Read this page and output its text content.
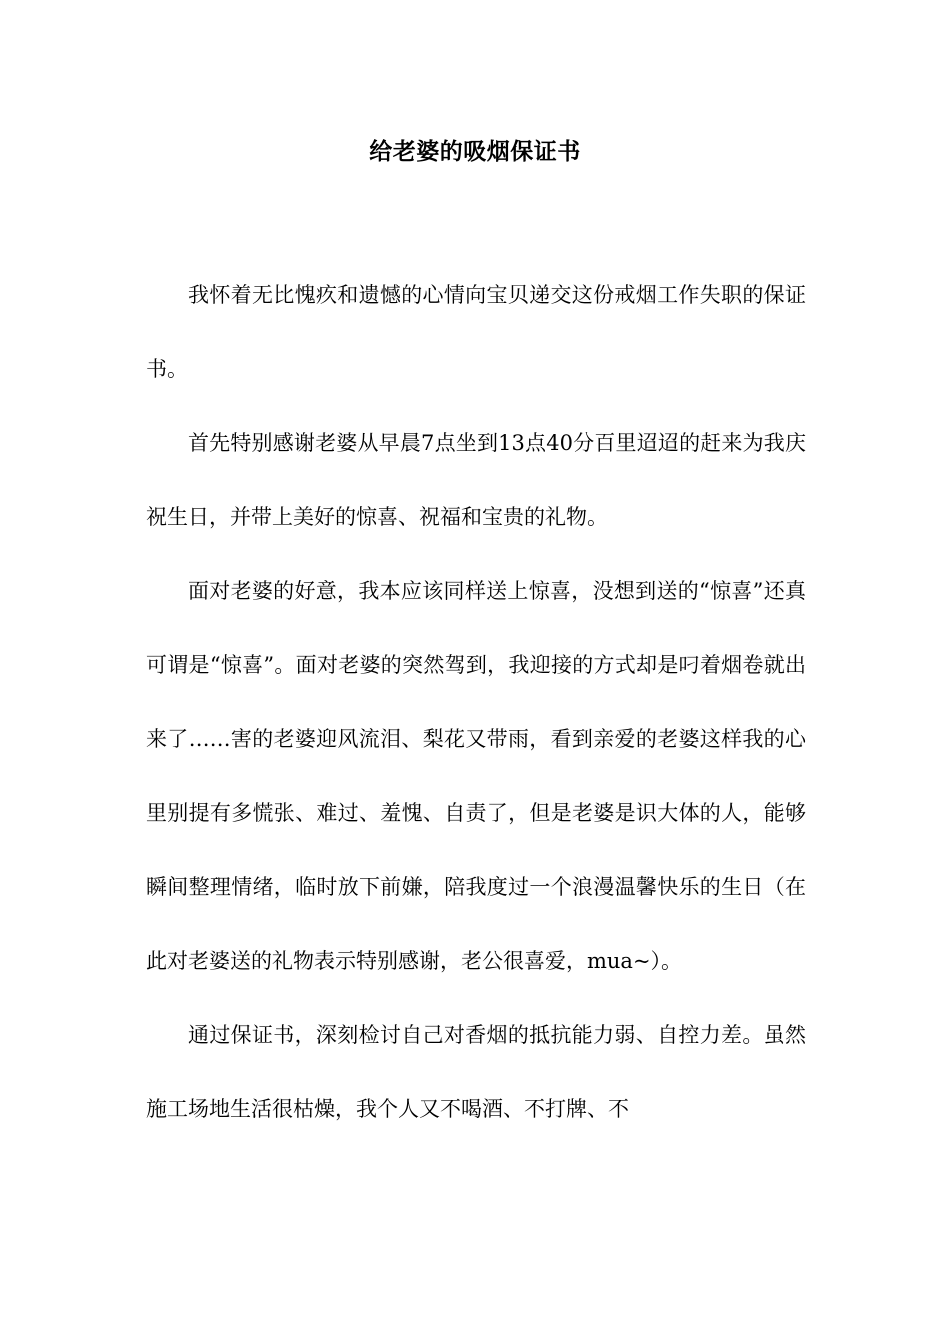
给老婆的吸烟保证书

我怀着无比愧疚和遗憾的心情向宝贝递交这份戒烟工作失职的保证书。

首先特别感谢老婆从早晨7点坐到13点40分百里迢迢的赶来为我庆祝生日，并带上美好的惊喜、祝福和宝贵的礼物。

面对老婆的好意，我本应该同样送上惊喜，没想到送的“惊喜”还真可谓是“惊喜”。面对老婆的突然驾到，我迎接的方式却是叼着烟卷就出来了……害的老婆迎风流泪、梨花又带雨，看到亲爱的老婆这样我的心里别提有多慌张、难过、羞愧、自责了，但是老婆是识大体的人，能够瞬间整理情绪，临时放下前嫌，陪我度过一个浪漫温馨快乐的生日（在此对老婆送的礼物表示特别感谢，老公很喜爱，mua~）。

通过保证书，深刻检讨自己对香烟的抵抗能力弱、自控力差。虽然施工场地生活很枯燥，我个人又不喝酒、不打牌、不
